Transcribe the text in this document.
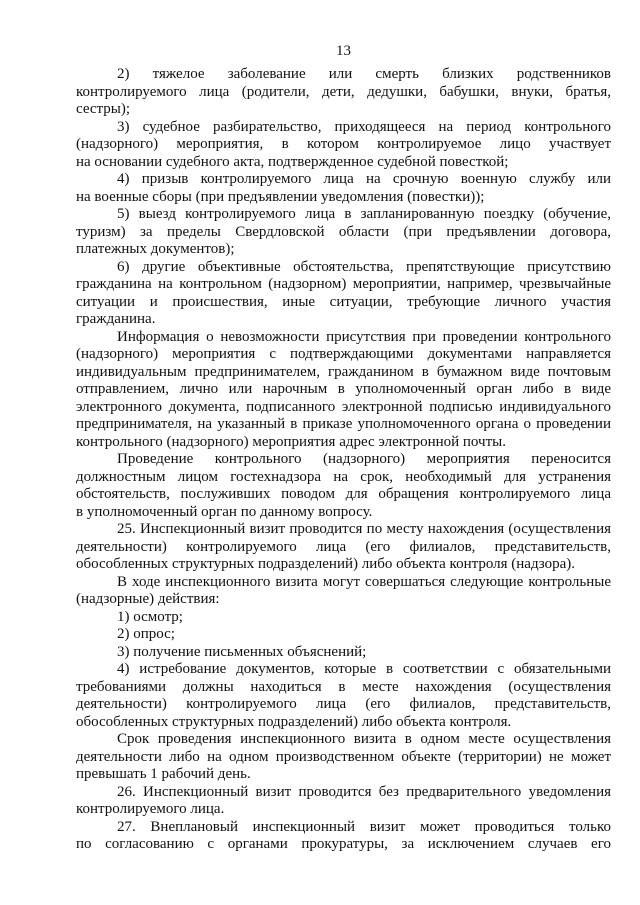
13
2) тяжелое заболевание или смерть близких родственников
контролируемого лица (родители, дети, дедушки, бабушки, внуки, братья,
сестры);
3) судебное разбирательство, приходящееся на период контрольного
(надзорного) мероприятия, в котором контролируемое лицо участвует
на основании судебного акта, подтвержденное судебной повесткой;
4) призыв контролируемого лица на срочную военную службу или
на военные сборы (при предъявлении уведомления (повестки));
5) выезд контролируемого лица в запланированную поездку (обучение,
туризм) за пределы Свердловской области (при предъявлении договора,
платежных документов);
6) другие объективные обстоятельства, препятствующие присутствию
гражданина на контрольном (надзорном) мероприятии, например, чрезвычайные
ситуации и происшествия, иные ситуации, требующие личного участия
гражданина.
Информация о невозможности присутствия при проведении контрольного
(надзорного) мероприятия с подтверждающими документами направляется
индивидуальным предпринимателем, гражданином в бумажном виде почтовым
отправлением, лично или нарочным в уполномоченный орган либо в виде
электронного документа, подписанного электронной подписью индивидуального
предпринимателя, на указанный в приказе уполномоченного органа о проведении
контрольного (надзорного) мероприятия адрес электронной почты.
Проведение контрольного (надзорного) мероприятия переносится
должностным лицом гостехнадзора на срок, необходимый для устранения
обстоятельств, послуживших поводом для обращения контролируемого лица
в уполномоченный орган по данному вопросу.
25. Инспекционный визит проводится по месту нахождения (осуществления
деятельности) контролируемого лица (его филиалов, представительств,
обособленных структурных подразделений) либо объекта контроля (надзора).
В ходе инспекционного визита могут совершаться следующие контрольные
(надзорные) действия:
1) осмотр;
2) опрос;
3) получение письменных объяснений;
4) истребование документов, которые в соответствии с обязательными
требованиями должны находиться в месте нахождения (осуществления
деятельности) контролируемого лица (его филиалов, представительств,
обособленных структурных подразделений) либо объекта контроля.
Срок проведения инспекционного визита в одном месте осуществления
деятельности либо на одном производственном объекте (территории) не может
превышать 1 рабочий день.
26. Инспекционный визит проводится без предварительного уведомления
контролируемого лица.
27. Внеплановый инспекционный визит может проводиться только
по согласованию с органами прокуратуры, за исключением случаев его
